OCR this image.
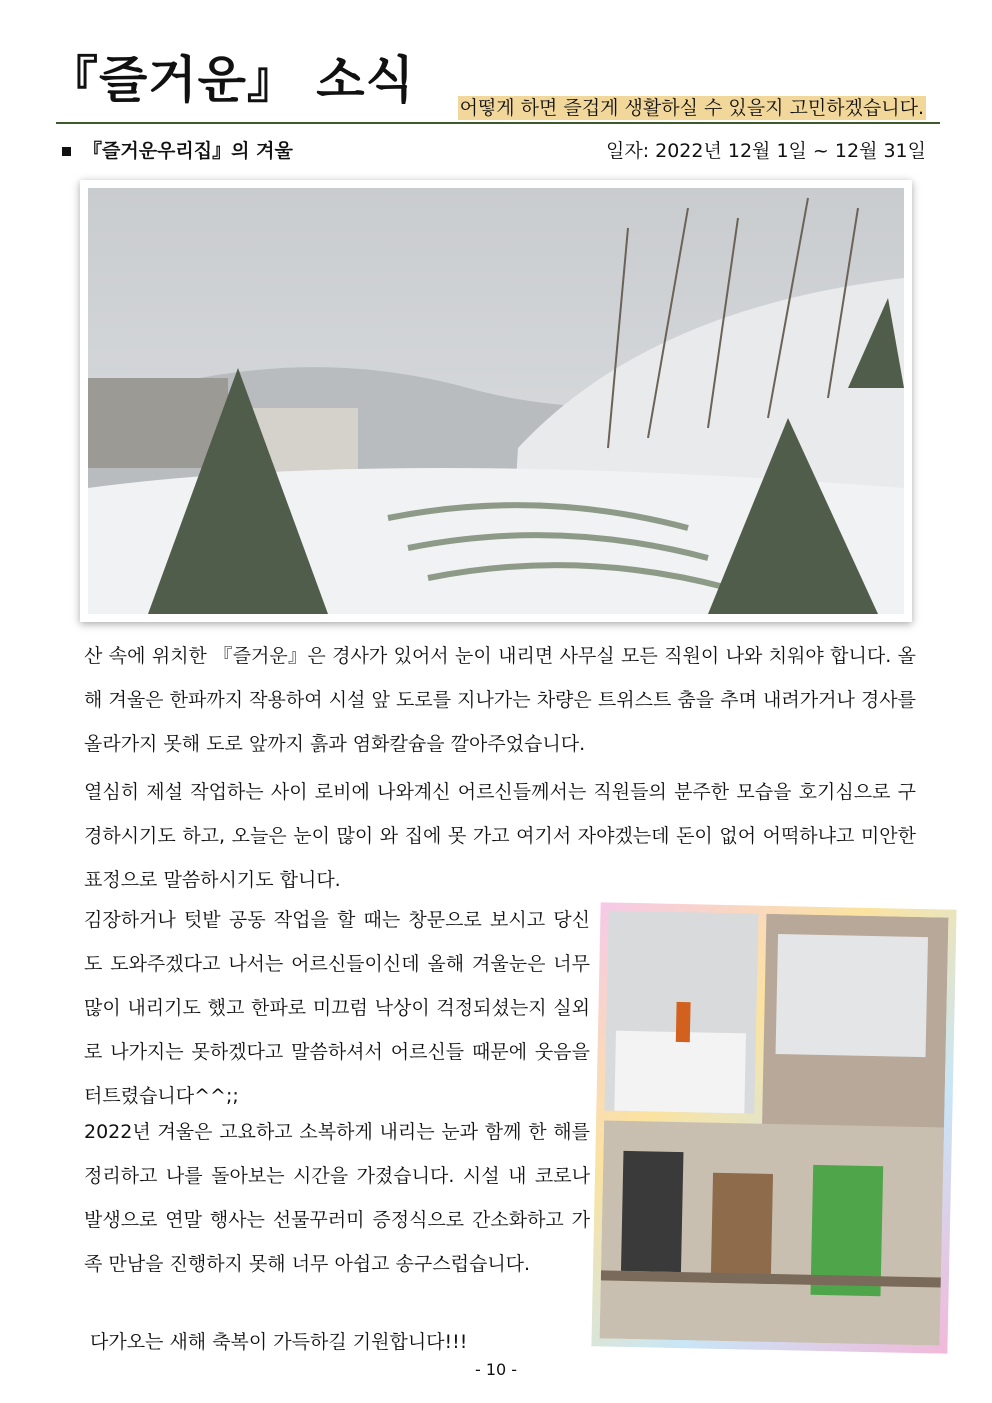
『즐거운』 소식 어떻게 하면 즐겁게 생활하실 수 있을지 고민하겠습니다.
『즐거운우리집』의 겨울	일자: 2022년 12월 1일 ~ 12월 31일
산 속에 위치한 『즐거운』은 경사가 있어서 눈이 내리면 사무실 모든 직원이 나와 치워야 합니다. 올해 겨울은 한파까지 작용하여 시설 앞 도로를 지나가는 차량은 트위스트 춤을 추며 내려가거나 경사를 올라가지 못해 도로 앞까지 흙과 염화칼슘을 깔아주었습니다.
열심히 제설 작업하는 사이 로비에 나와계신 어르신들께서는 직원들의 분주한 모습을 호기심으로 구경하시기도 하고, 오늘은 눈이 많이 와 집에 못 가고 여기서 자야겠는데 돈이 없어 어떡하냐고 미안한 표정으로 말씀하시기도 합니다.
김장하거나 텃밭 공동 작업을 할 때는 창문으로 보시고 당신도 도와주겠다고 나서는 어르신들이신데 올해 겨울눈은 너무 많이 내리기도 했고 한파로 미끄럼 낙상이 걱정되셨는지 실외로 나가지는 못하겠다고 말씀하셔서 어르신들 때문에 웃음을 터트렸습니다^^;;
2022년 겨울은 고요하고 소복하게 내리는 눈과 함께 한 해를 정리하고 나를 돌아보는 시간을 가졌습니다. 시설 내 코로나 발생으로 연말 행사는 선물꾸러미 증정식으로 간소화하고 가족 만남을 진행하지 못해 너무 아쉽고 송구스럽습니다.
다가오는 새해 축복이 가득하길 기원합니다!!!
- 10 -
